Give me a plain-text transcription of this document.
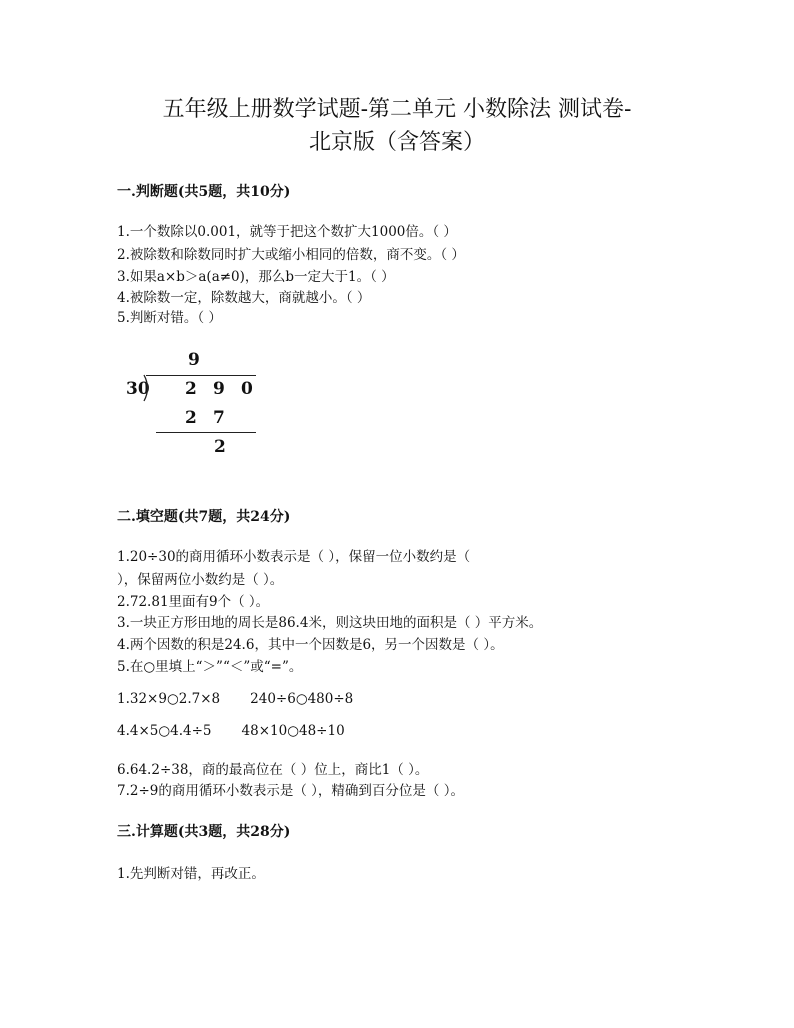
五年级上册数学试题-第二单元 小数除法 测试卷-
北京版（含答案）
一.判断题(共5题，共10分)
1.一个数除以0.001，就等于把这个数扩大1000倍。（ ）
2.被除数和除数同时扩大或缩小相同的倍数，商不变。（ ）
3.如果a×b＞a(a≠0)，那么b一定大于1。（ ）
4.被除数一定，除数越大，商就越小。（ ）
5.判断对错。（ ）
9
30 2 9 0
2 7
2
二.填空题(共7题，共24分)
1.20÷30的商用循环小数表示是（ ），保留一位小数约是（
），保留两位小数约是（ ）。
2.72.81里面有9个（ ）。
3.一块正方形田地的周长是86.4米，则这块田地的面积是（ ）平方米。
4.两个因数的积是24.6，其中一个因数是6，另一个因数是（ ）。
5.在○里填上“＞”“＜”或“=”。
1.32×9○2.7×8       240÷6○480÷8
4.4×5○4.4÷5       48×10○48÷10
6.64.2÷38，商的最高位在（ ）位上，商比1（ ）。
7.2÷9的商用循环小数表示是（ ），精确到百分位是（ ）。
三.计算题(共3题，共28分)
1.先判断对错，再改正。
